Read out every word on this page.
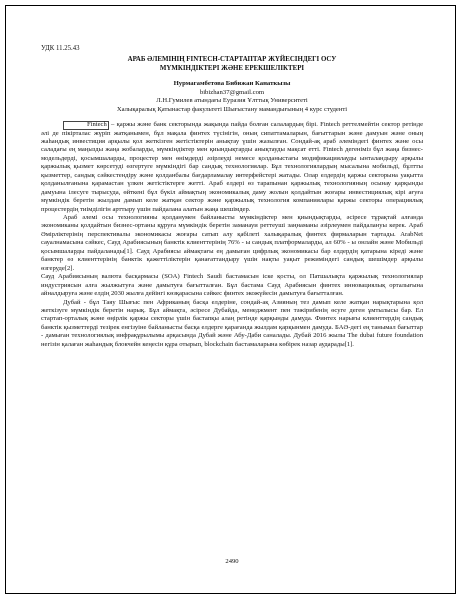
УДК 11.25.43
АРАБ ӘЛЕМІНІҢ FINTECH-СТАРТАПТАР ЖҮЙЕСІНДЕГІ ОСУ
МҮМКІНДІКТЕРІ ЖӘНЕ ЕРЕКШЕЛІКТЕРІ
Нурмагамбетова Бибижан Канаткызы
bibizhan37@gmail.com
Л.Н.Гумилев атындағы Еуразия Ұлттық Университеті
Халықаралық Қатынастар факультеті Шығыстану мамандығының 4 курс студенті

Fintech – қаржы және банк секторында жақында пайда болған салалардың бірі. Fintech реттелмейтін сектор ретінде әлі де пікірталас жүріп жатқанымен, бұл мақала финтех түсінігін, оның сипаттамаларын, бағыттарын және дамуын және оның жаһандық инвестиция арқылы қол жеткізген жетістіктерін анықтау үшін жазылған. Сондай-ақ араб әлеміндегі финтех және осы саладағы ең маңызды жаңа жобаларды, мүмкіндіктер мен қиындықтарды анықтауды мақсат етті. Fintech дегеніміз бұл жаңа бизнес-модельдерді, қосымшаларды, процестер мен өнімдерді әзірлеуді немесе қолданыстағы модификациялауды ынталандыру арқылы қаржылық қызмет көрсетуді өзгертуге мүмкіндігі бар сандық технологиялар. Бұл технологиялардың мысалына мобильді, бұлтты қызметтер, сандық сәйкестендіру және қолданбалы бағдарламалау интерфейстері жатады. Олар елдердің қаржы секторына уақытта қолданылғанына қарамастан үлкен жетістіктерге жетті. Араб елдері өз тарапынан қаржылық технологияның осынау қарқынды дамуына ілесуге тырысуда, өйткені бұл бүкіл аймақтың экономикалық даму жолын қолдайтын жоғары инвестициялық кірі ағуға мүмкіндік беретін жылдам дамып келе жатқан сектор және қаржылық технология компаниялары қаржы секторы операциялық процестердің тиімділігін арттыру үшін пайдалана алатын жаңа шешімдер.

Араб әлемі осы технологияны қолданумен байланысты мүмкіндіктер мен қиындықтарды, әсіресе тұрақтай алғанда экономиканы қолдайтын бизнес-ортаны құруға мүмкіндік беретін заманауи реттеуші заңнаманы әзірлеумен пайдалануы керек. Араб Әмірліктерінің перспективалы экономикасы жоғары сатып алу қабілеті халықаралық финтех фирмаларын тартады. ArabNet сауалнамасына сәйкес, Сауд Арабиясының банктік клиенттерінің 76% - ы сандық платформаларды, ал 60% - ы онлайн және Мобильді қосымшаларды пайдаланады[1]. Сауд Арабиясы аймақтағы ең дамыған цифрлық экономикасы бар елдердің қатарына кіреді және банктер өз клиенттерінің банктік қажеттіліктерін қанағаттандыру үшін нақты уақыт режиміндегі сандық шешімдер арқылы өзгеруде[2].

Сауд Арабиясының валюта басқармасы (SOA) Fintech Saudi бастамасын іске қосты, ол Патшалықта қаржылық технологиялар индустриясын алға жылжытуға және дамытуға бағытталған. Бұл бастама Сауд Арабиясын финтех инновациялық орталығына айналдыруға және елдің 2030 жылға дейінгі көзқарасына сәйкес финтех экожүйесін дамытуға бағытталған.

Дубай - бұл Таяу Шығыс пен Африканың басқа елдеріне, сондай-ақ Азияның тез дамып келе жатқан нарықтарына қол жеткізуге мүмкіндік беретін нарық. Бұл аймақта, әсіресе Дубайда, менеджмент пен тәжірибенің өсуге деген ұмтылысы бар. Ел стартап-орталық және өңірлік қаржы секторы үшін бастапқы алаң ретінде қарқынды дамуда. Финтех нарығы клиенттердің сандық банктік қызметтерді тезірек енгізуіне байланысты басқа елдерге қарағанда жылдам қарқынмен дамуда. БАӘ-дегі ең танымал бағыттар - дамыған технологиялық инфрақұрылымы арқасында Дубай және Абу-Даби саналады. Дубай 2016 жылы The dubai future foundation негізін қалаған жаһандық блокчейн кеңесін құра отырып, blockchain бастамаларына көбірек назар аударады[1].

2490
